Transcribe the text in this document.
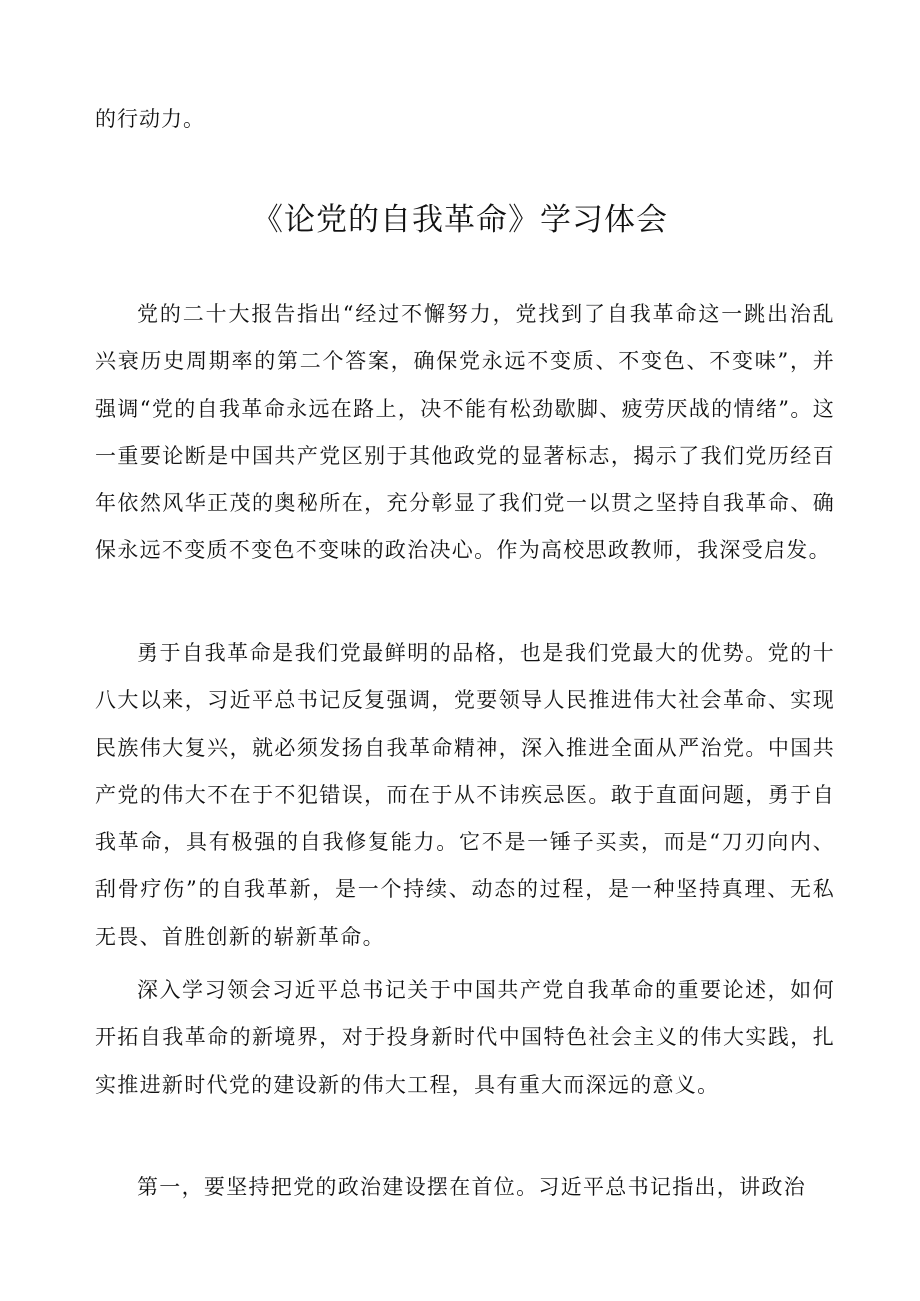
的行动力。

《论党的自我革命》学习体会

党的二十大报告指出“经过不懈努力，党找到了自我革命这一跳出治乱兴衰历史周期率的第二个答案，确保党永远不变质、不变色、不变味”，并强调“党的自我革命永远在路上，决不能有松劲歇脚、疲劳厌战的情绪”。这一重要论断是中国共产党区别于其他政党的显著标志，揭示了我们党历经百年依然风华正茂的奥秘所在，充分彰显了我们党一以贯之坚持自我革命、确保永远不变质不变色不变味的政治决心。作为高校思政教师，我深受启发。

勇于自我革命是我们党最鲜明的品格，也是我们党最大的优势。党的十八大以来，习近平总书记反复强调，党要领导人民推进伟大社会革命、实现民族伟大复兴，就必须发扬自我革命精神，深入推进全面从严治党。中国共产党的伟大不在于不犯错误，而在于从不讳疾忌医。敢于直面问题，勇于自我革命，具有极强的自我修复能力。它不是一锤子买卖，而是“刀刃向内、刮骨疗伤”的自我革新，是一个持续、动态的过程，是一种坚持真理、无私无畏、首胜创新的崭新革命。

深入学习领会习近平总书记关于中国共产党自我革命的重要论述，如何开拓自我革命的新境界，对于投身新时代中国特色社会主义的伟大实践，扎实推进新时代党的建设新的伟大工程，具有重大而深远的意义。

第一，要坚持把党的政治建设摆在首位。习近平总书记指出，讲政治
